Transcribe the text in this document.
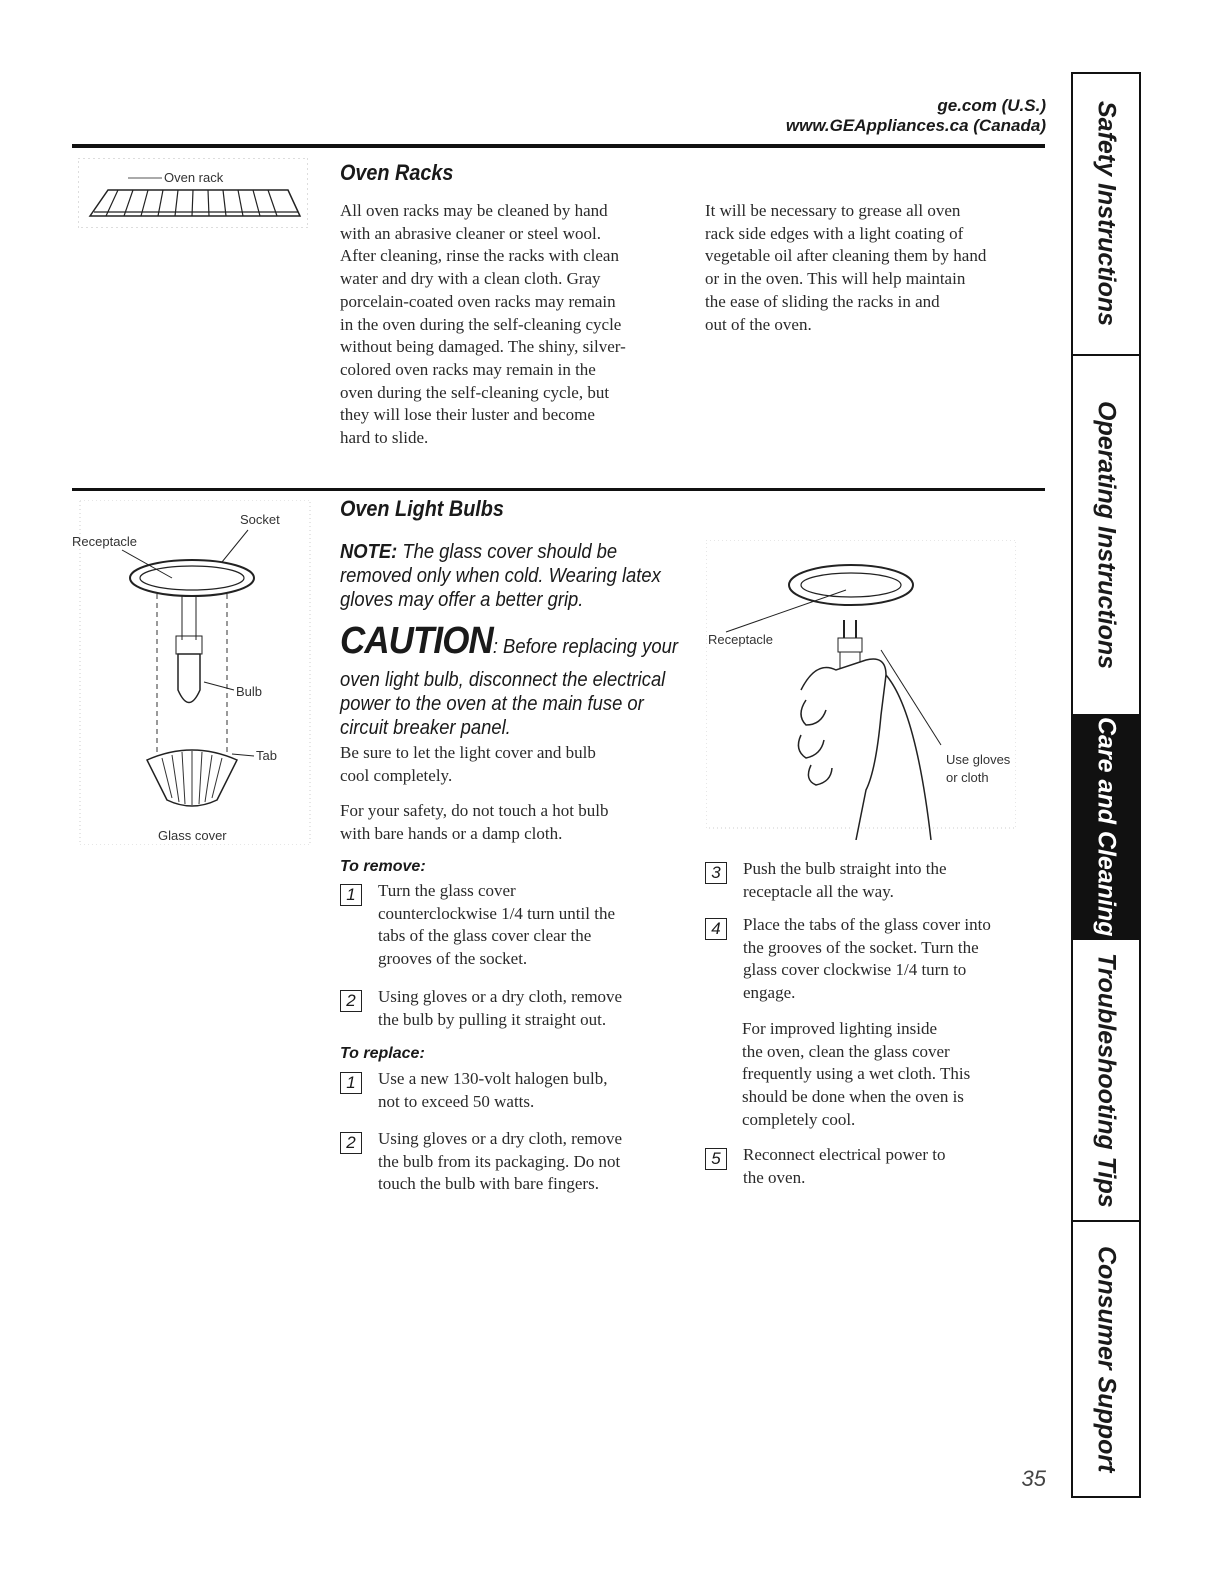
ge.com (U.S.)
www.GEAppliances.ca (Canada)
Oven rack	Oven Racks
All oven racks may be cleaned by hand
with an abrasive cleaner or steel wool.
After cleaning, rinse the racks with clean
water and dry with a clean cloth. Gray
porcelain-coated oven racks may remain
in the oven during the self-cleaning cycle
without being damaged. The shiny, silver-
colored oven racks may remain in the
oven during the self-cleaning cycle, but
they will lose their luster and become
hard to slide.
It will be necessary to grease all oven
rack side edges with a light coating of
vegetable oil after cleaning them by hand
or in the oven. This will help maintain
the ease of sliding the racks in and
out of the oven.
Socket
Receptacle
Bulb
Tab
Glass cover
Oven Light Bulbs
NOTE: The glass cover should be
removed only when cold. Wearing latex
gloves may offer a better grip.
CAUTION: Before replacing your
oven light bulb, disconnect the electrical
power to the oven at the main fuse or
circuit breaker panel.
Be sure to let the light cover and bulb
cool completely.
For your safety, do not touch a hot bulb
with bare hands or a damp cloth.
To remove:
1	Turn the glass cover
counterclockwise 1/4 turn until the
tabs of the glass cover clear the
grooves of the socket.
2	Using gloves or a dry cloth, remove
the bulb by pulling it straight out.
To replace:
1	Use a new 130-volt halogen bulb,
not to exceed 50 watts.
2	Using gloves or a dry cloth, remove
the bulb from its packaging. Do not
touch the bulb with bare fingers.
Receptacle
Use gloves
or cloth
3	Push the bulb straight into the
receptacle all the way.
4	Place the tabs of the glass cover into
the grooves of the socket. Turn the
glass cover clockwise 1/4 turn to
engage.
For improved lighting inside
the oven, clean the glass cover
frequently using a wet cloth. This
should be done when the oven is
completely cool.
5	Reconnect electrical power to
the oven.
Safety Instructions
Operating Instructions
Care and Cleaning
Troubleshooting Tips
Consumer Support
35
